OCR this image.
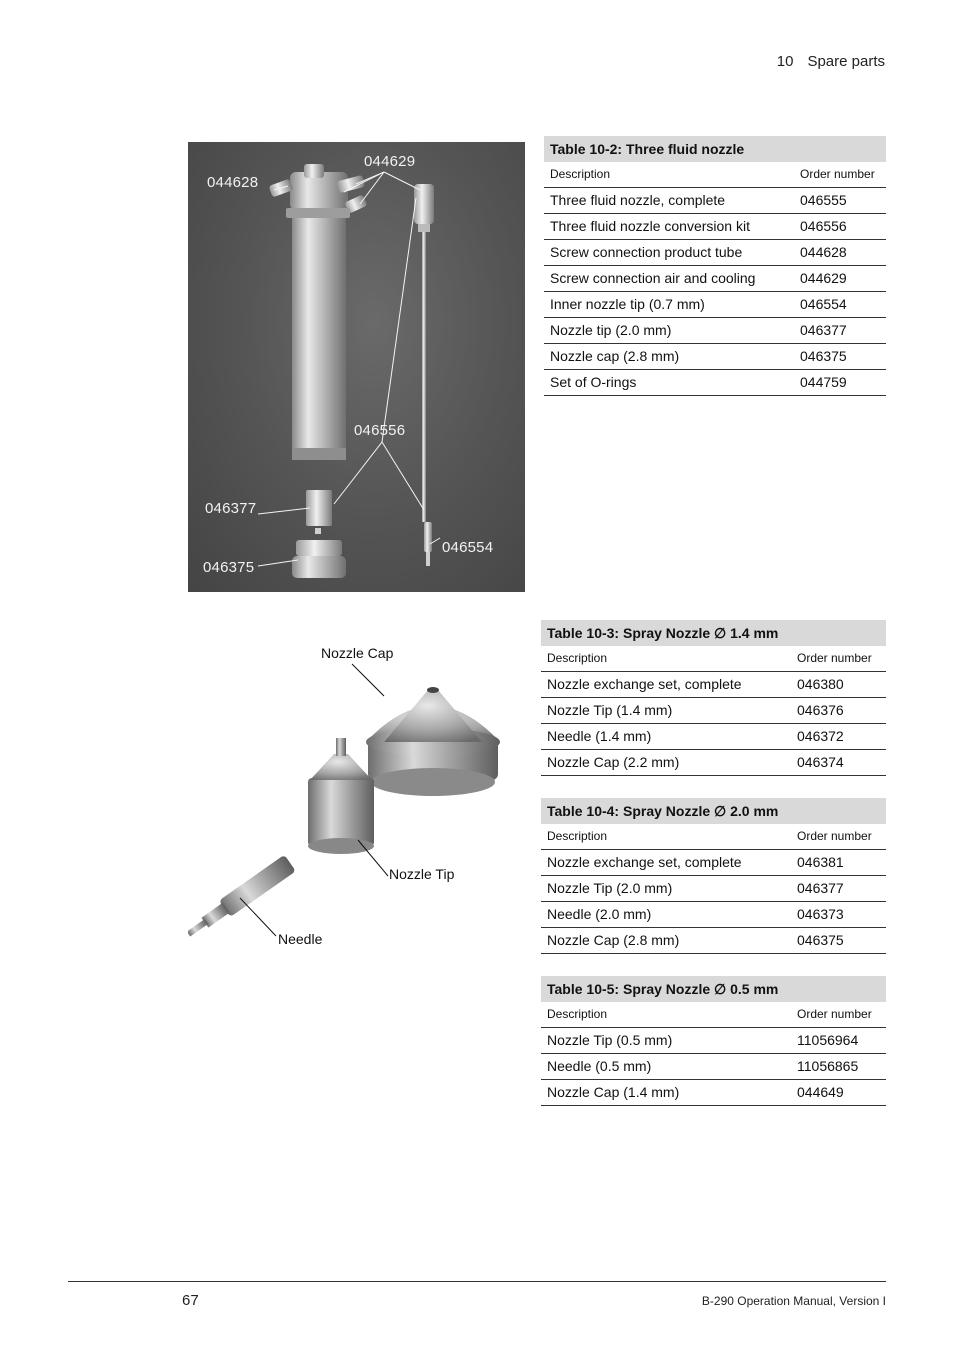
10 Spare parts
044628
044629
046556
046377
046554
046375
Nozzle Cap
Nozzle Tip
Needle
Table 10-2: Three fluid nozzle
Description	Order number
Three fluid nozzle, complete	046555
Three fluid nozzle conversion kit	046556
Screw connection product tube	044628
Screw connection air and cooling	044629
Inner nozzle tip (0.7 mm)	046554
Nozzle tip (2.0 mm)	046377
Nozzle cap (2.8 mm)	046375
Set of O-rings	044759
Table 10-3: Spray Nozzle ∅ 1.4 mm
Description	Order number
Nozzle exchange set, complete	046380
Nozzle Tip (1.4 mm)	046376
Needle (1.4 mm)	046372
Nozzle Cap (2.2 mm)	046374
Table 10-4: Spray Nozzle ∅ 2.0 mm
Description	Order number
Nozzle exchange set, complete	046381
Nozzle Tip (2.0 mm)	046377
Needle (2.0 mm)	046373
Nozzle Cap (2.8 mm)	046375
Table 10-5: Spray Nozzle ∅ 0.5 mm
Description	Order number
Nozzle Tip (0.5 mm)	11056964
Needle (0.5 mm)	11056865
Nozzle Cap (1.4 mm)	044649
67	B-290 Operation Manual, Version I
